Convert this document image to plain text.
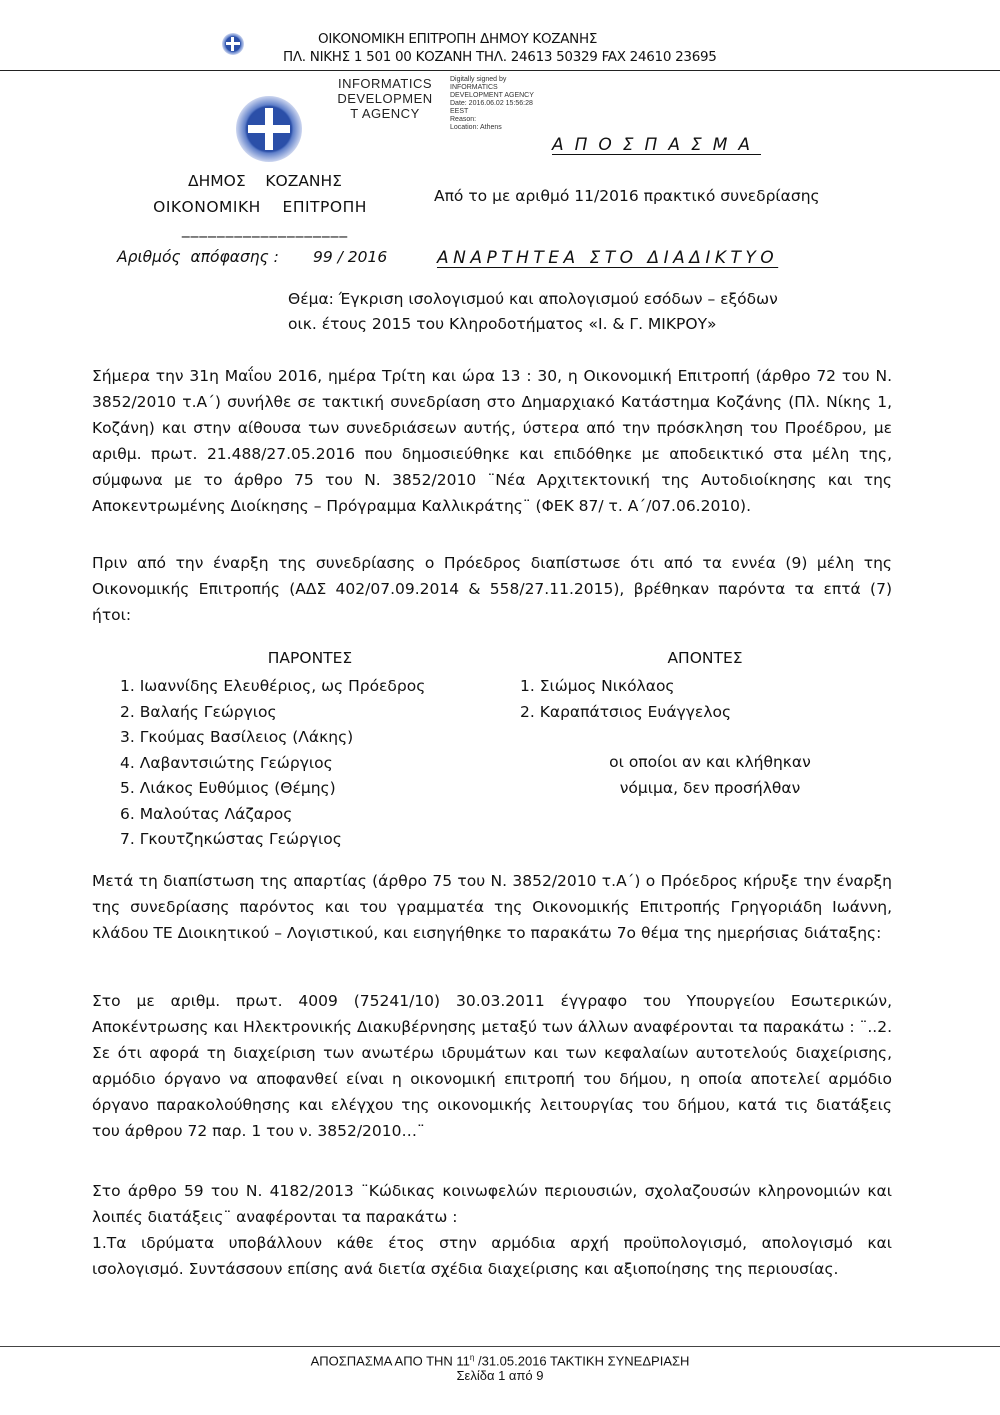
ΟΙΚΟΝΟΜΙΚΗ ΕΠΙΤΡΟΠΗ ΔΗΜΟΥ ΚΟΖΑΝΗΣ
ΠΛ. ΝΙΚΗΣ 1 501 00 ΚΟΖΑΝΗ ΤΗΛ. 24613 50329 FAX 24610 23695
INFORMATICS
DEVELOPMEN
T AGENCY
Digitally signed by
INFORMATICS
DEVELOPMENT AGENCY
Date: 2016.06.02 15:56:28
EEST
Reason:
Location: Athens
ΔΗΜΟΣ    ΚΟΖΑΝΗΣ
ΟΙΚΟΝΟΜΙΚΗ    ΕΠΙΤΡΟΠΗ
___________________
Αριθμός  απόφασης : 99 / 2016
ΑΠΟΣΠΑΣΜΑ
Από το με αριθμό 11/2016 πρακτικό συνεδρίασης
ΑΝΑΡΤΗΤΕΑ ΣΤΟ ΔΙΑΔΙΚΤΥΟ
Θέμα: Έγκριση ισολογισμού και απολογισμού εσόδων – εξόδων
οικ. έτους 2015 του Κληροδοτήματος «Ι. & Γ. ΜΙΚΡΟΥ»

Σήμερα την 31η Μαΐου 2016, ημέρα Τρίτη και ώρα 13 : 30, η Οικονομική Επιτροπή (άρθρο 72 του Ν. 3852/2010 τ.Α΄) συνήλθε σε τακτική συνεδρίαση στο Δημαρχιακό Κατάστημα Κοζάνης (Πλ. Νίκης 1, Κοζάνη) και στην αίθουσα των συνεδριάσεων αυτής, ύστερα από την πρόσκληση του Προέδρου, με αριθμ. πρωτ. 21.488/27.05.2016 που δημοσιεύθηκε και επιδόθηκε με αποδεικτικό στα μέλη της, σύμφωνα με το άρθρο 75 του Ν. 3852/2010 ¨Νέα Αρχιτεκτονική της Αυτοδιοίκησης και της Αποκεντρωμένης Διοίκησης – Πρόγραμμα Καλλικράτης¨ (ΦΕΚ 87/ τ. Α΄/07.06.2010).

Πριν από την έναρξη της συνεδρίασης ο Πρόεδρος διαπίστωσε ότι από τα εννέα (9) μέλη της Οικονομικής Επιτροπής (ΑΔΣ 402/07.09.2014 & 558/27.11.2015), βρέθηκαν παρόντα τα επτά (7) ήτοι:

ΠΑΡΟΝΤΕΣ
1. Ιωαννίδης Ελευθέριος, ως Πρόεδρος
2. Βαλαής Γεώργιος
3. Γκούμας Βασίλειος (Λάκης)
4. Λαβαντσιώτης Γεώργιος
5. Λιάκος Ευθύμιος (Θέμης)
6. Μαλούτας Λάζαρος
7. Γκουτζηκώστας Γεώργιος
ΑΠΟΝΤΕΣ
1. Σιώμος Νικόλαος
2. Καραπάτσιος Ευάγγελος
οι οποίοι αν και κλήθηκαν
νόμιμα, δεν προσήλθαν

Μετά τη διαπίστωση της απαρτίας (άρθρο 75 του Ν. 3852/2010 τ.Α΄) ο Πρόεδρος κήρυξε την έναρξη της συνεδρίασης παρόντος και του γραμματέα της Οικονομικής Επιτροπής Γρηγοριάδη Ιωάννη, κλάδου ΤΕ Διοικητικού – Λογιστικού, και εισηγήθηκε το παρακάτω 7ο θέμα της ημερήσιας διάταξης:

Στο με αριθμ. πρωτ. 4009 (75241/10) 30.03.2011 έγγραφο του Υπουργείου Εσωτερικών, Αποκέντρωσης και Ηλεκτρονικής Διακυβέρνησης μεταξύ των άλλων αναφέρονται τα παρακάτω : ¨..2. Σε ότι αφορά τη διαχείριση των ανωτέρω ιδρυμάτων και των κεφαλαίων αυτοτελούς διαχείρισης, αρμόδιο όργανο να αποφανθεί είναι η οικονομική επιτροπή του δήμου, η οποία αποτελεί αρμόδιο όργανο παρακολούθησης και ελέγχου της οικονομικής λειτουργίας του δήμου, κατά τις διατάξεις του άρθρου 72 παρ. 1 του ν. 3852/2010…¨

Στο άρθρο 59 του Ν. 4182/2013 ¨Κώδικας κοινωφελών περιουσιών, σχολαζουσών κληρονομιών και λοιπές διατάξεις¨ αναφέρονται τα παρακάτω :

1.Τα ιδρύματα υποβάλλουν κάθε έτος στην αρμόδια αρχή προϋπολογισμό, απολογισμό και ισολογισμό. Συντάσσουν επίσης ανά διετία σχέδια διαχείρισης και αξιοποίησης της περιουσίας.

ΑΠΟΣΠΑΣΜΑ ΑΠΟ ΤΗΝ $11^\eta$ /31.05.2016 ΤΑΚΤΙΚΗ ΣΥΝΕΔΡΙΑΣΗ
Σελίδα 1 από 9
